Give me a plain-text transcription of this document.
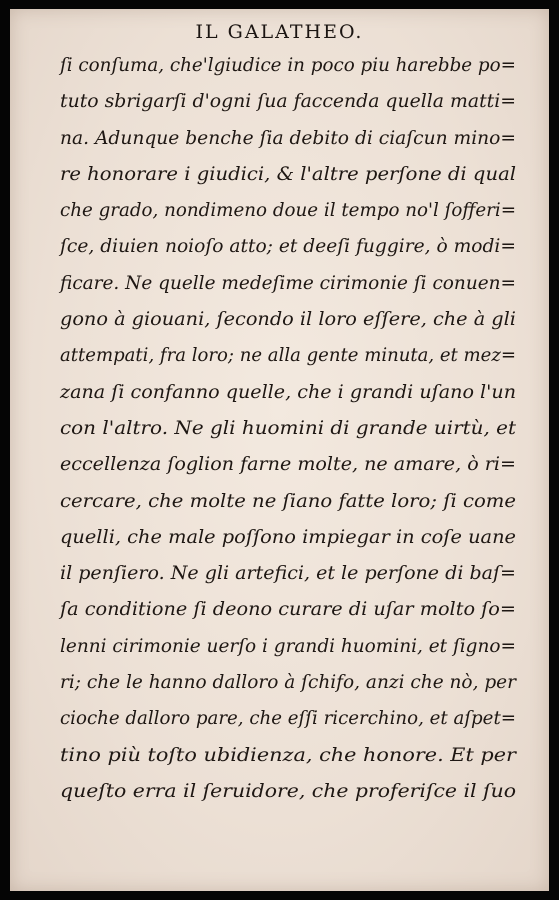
IL GALATHEO.
ſi conſuma, che'lgiudice in poco piu harebbe po=
tuto sbrigarſi d'ogni ſua faccenda quella matti=
na. Adunque benche ſia debito di ciaſcun mino=
re honorare i giudici, & l'altre perſone di qual
che grado, nondimeno doue il tempo no'l ſofferi=
ſce, diuien noioſo atto; et deeſi fuggire, ò modi=
ficare. Ne quelle medeſime cirimonie ſi conuen=
gono à giouani, ſecondo il loro eſſere, che à gli
attempati, fra loro; ne alla gente minuta, et mez=
zana ſi confanno quelle, che i grandi uſano l'un
con l'altro. Ne gli huomini di grande uirtù, et
eccellenza ſoglion farne molte, ne amare, ò ri=
cercare, che molte ne ſiano fatte loro; ſi come
quelli, che male poſſono impiegar in coſe uane
il penſiero. Ne gli artefici, et le perſone di baſ=
ſa conditione ſi deono curare di uſar molto ſo=
lenni cirimonie uerſo i grandi huomini, et ſigno=
ri; che le hanno dalloro à ſchifo, anzi che nò, per
cioche dalloro pare, che eſſi ricerchino, et aſpet=
tino più toſto ubidienza, che honore. Et per
queſto erra il ſeruidore, che proferiſce il ſuo
